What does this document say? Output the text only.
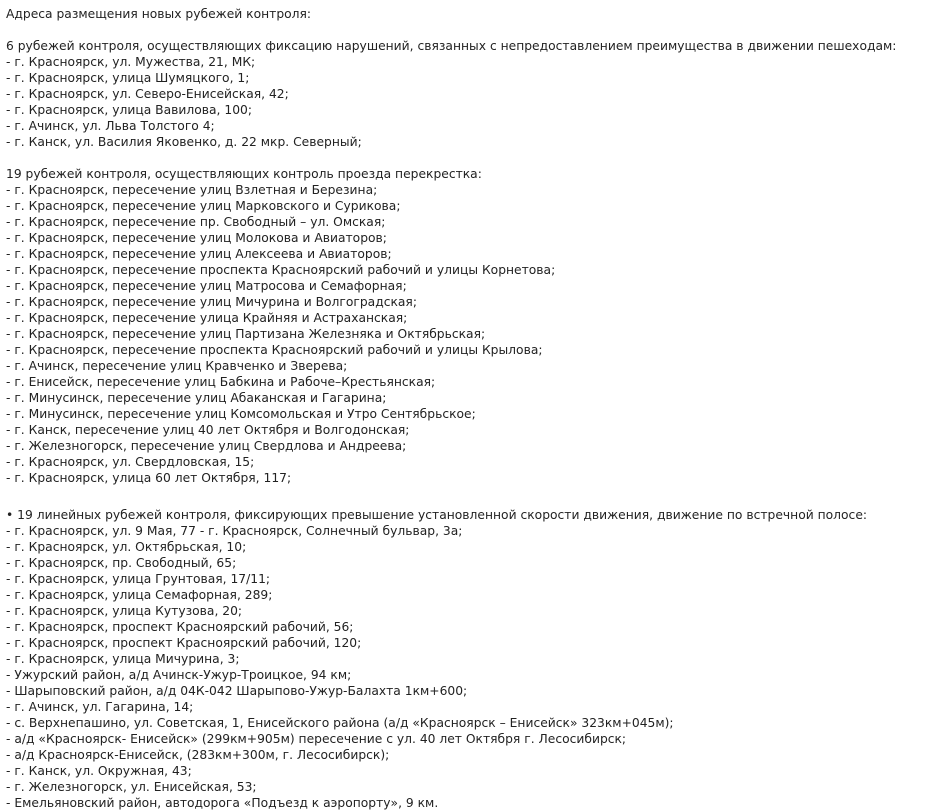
Адреса размещения новых рубежей контроля:
6 рубежей контроля, осуществляющих фиксацию нарушений, связанных с непредоставлением преимущества в движении пешеходам:
- г. Красноярск, ул. Мужества, 21, МК;
- г. Красноярск, улица Шумяцкого, 1;
- г. Красноярск, ул. Северо-Енисейская, 42;
- г. Красноярск, улица Вавилова, 100;
- г. Ачинск, ул. Льва Толстого 4;
- г. Канск, ул. Василия Яковенко, д. 22 мкр. Северный;
19 рубежей контроля, осуществляющих контроль проезда перекрестка:
- г. Красноярск, пересечение улиц Взлетная и Березина;
- г. Красноярск, пересечение улиц Марковского и Сурикова;
- г. Красноярск, пересечение пр. Свободный – ул. Омская;
- г. Красноярск, пересечение улиц Молокова и Авиаторов;
- г. Красноярск, пересечение улиц Алексеева и Авиаторов;
- г. Красноярск, пересечение проспекта Красноярский рабочий и улицы Корнетова;
- г. Красноярск, пересечение улиц Матросова и Семафорная;
- г. Красноярск, пересечение улиц Мичурина и Волгоградская;
- г. Красноярск, пересечение улица Крайняя и Астраханская;
- г. Красноярск, пересечение улиц Партизана Железняка и Октябрьская;
- г. Красноярск, пересечение проспекта Красноярский рабочий и улицы Крылова;
- г. Ачинск, пересечение улиц Кравченко и Зверева;
- г. Енисейск, пересечение улиц Бабкина и Рабоче–Крестьянская;
- г. Минусинск, пересечение улиц Абаканская и Гагарина;
- г. Минусинск, пересечение улиц Комсомольская и Утро Сентябрьское;
- г. Канск, пересечение улиц 40 лет Октября и Волгодонская;
- г. Железногорск, пересечение улиц Свердлова и Андреева;
- г. Красноярск, ул. Свердловская, 15;
- г. Красноярск, улица 60 лет Октября, 117;
• 19 линейных рубежей контроля, фиксирующих превышение установленной скорости движения, движение по встречной полосе:
- г. Красноярск, ул. 9 Мая, 77 - г. Красноярск, Солнечный бульвар, 3а;
- г. Красноярск, ул. Октябрьская, 10;
- г. Красноярск, пр. Свободный, 65;
- г. Красноярск, улица Грунтовая, 17/11;
- г. Красноярск, улица Семафорная, 289;
- г. Красноярск, улица Кутузова, 20;
- г. Красноярск, проспект Красноярский рабочий, 56;
- г. Красноярск, проспект Красноярский рабочий, 120;
- г. Красноярск, улица Мичурина, 3;
- Ужурский район, а/д Ачинск-Ужур-Троицкое, 94 км;
- Шарыповский район, а/д 04К-042 Шарыпово-Ужур-Балахта 1км+600;
- г. Ачинск, ул. Гагарина, 14;
- с. Верхнепашино, ул. Советская, 1, Енисейского района (а/д «Красноярск – Енисейск» 323км+045м);
- а/д «Красноярск- Енисейск» (299км+905м) пересечение с ул. 40 лет Октября г. Лесосибирск;
- а/д Красноярск-Енисейск, (283км+300м, г. Лесосибирск);
- г. Канск, ул. Окружная, 43;
- г. Железногорск, ул. Енисейская, 53;
- Емельяновский район, автодорога «Подъезд к аэропорту», 9 км.
